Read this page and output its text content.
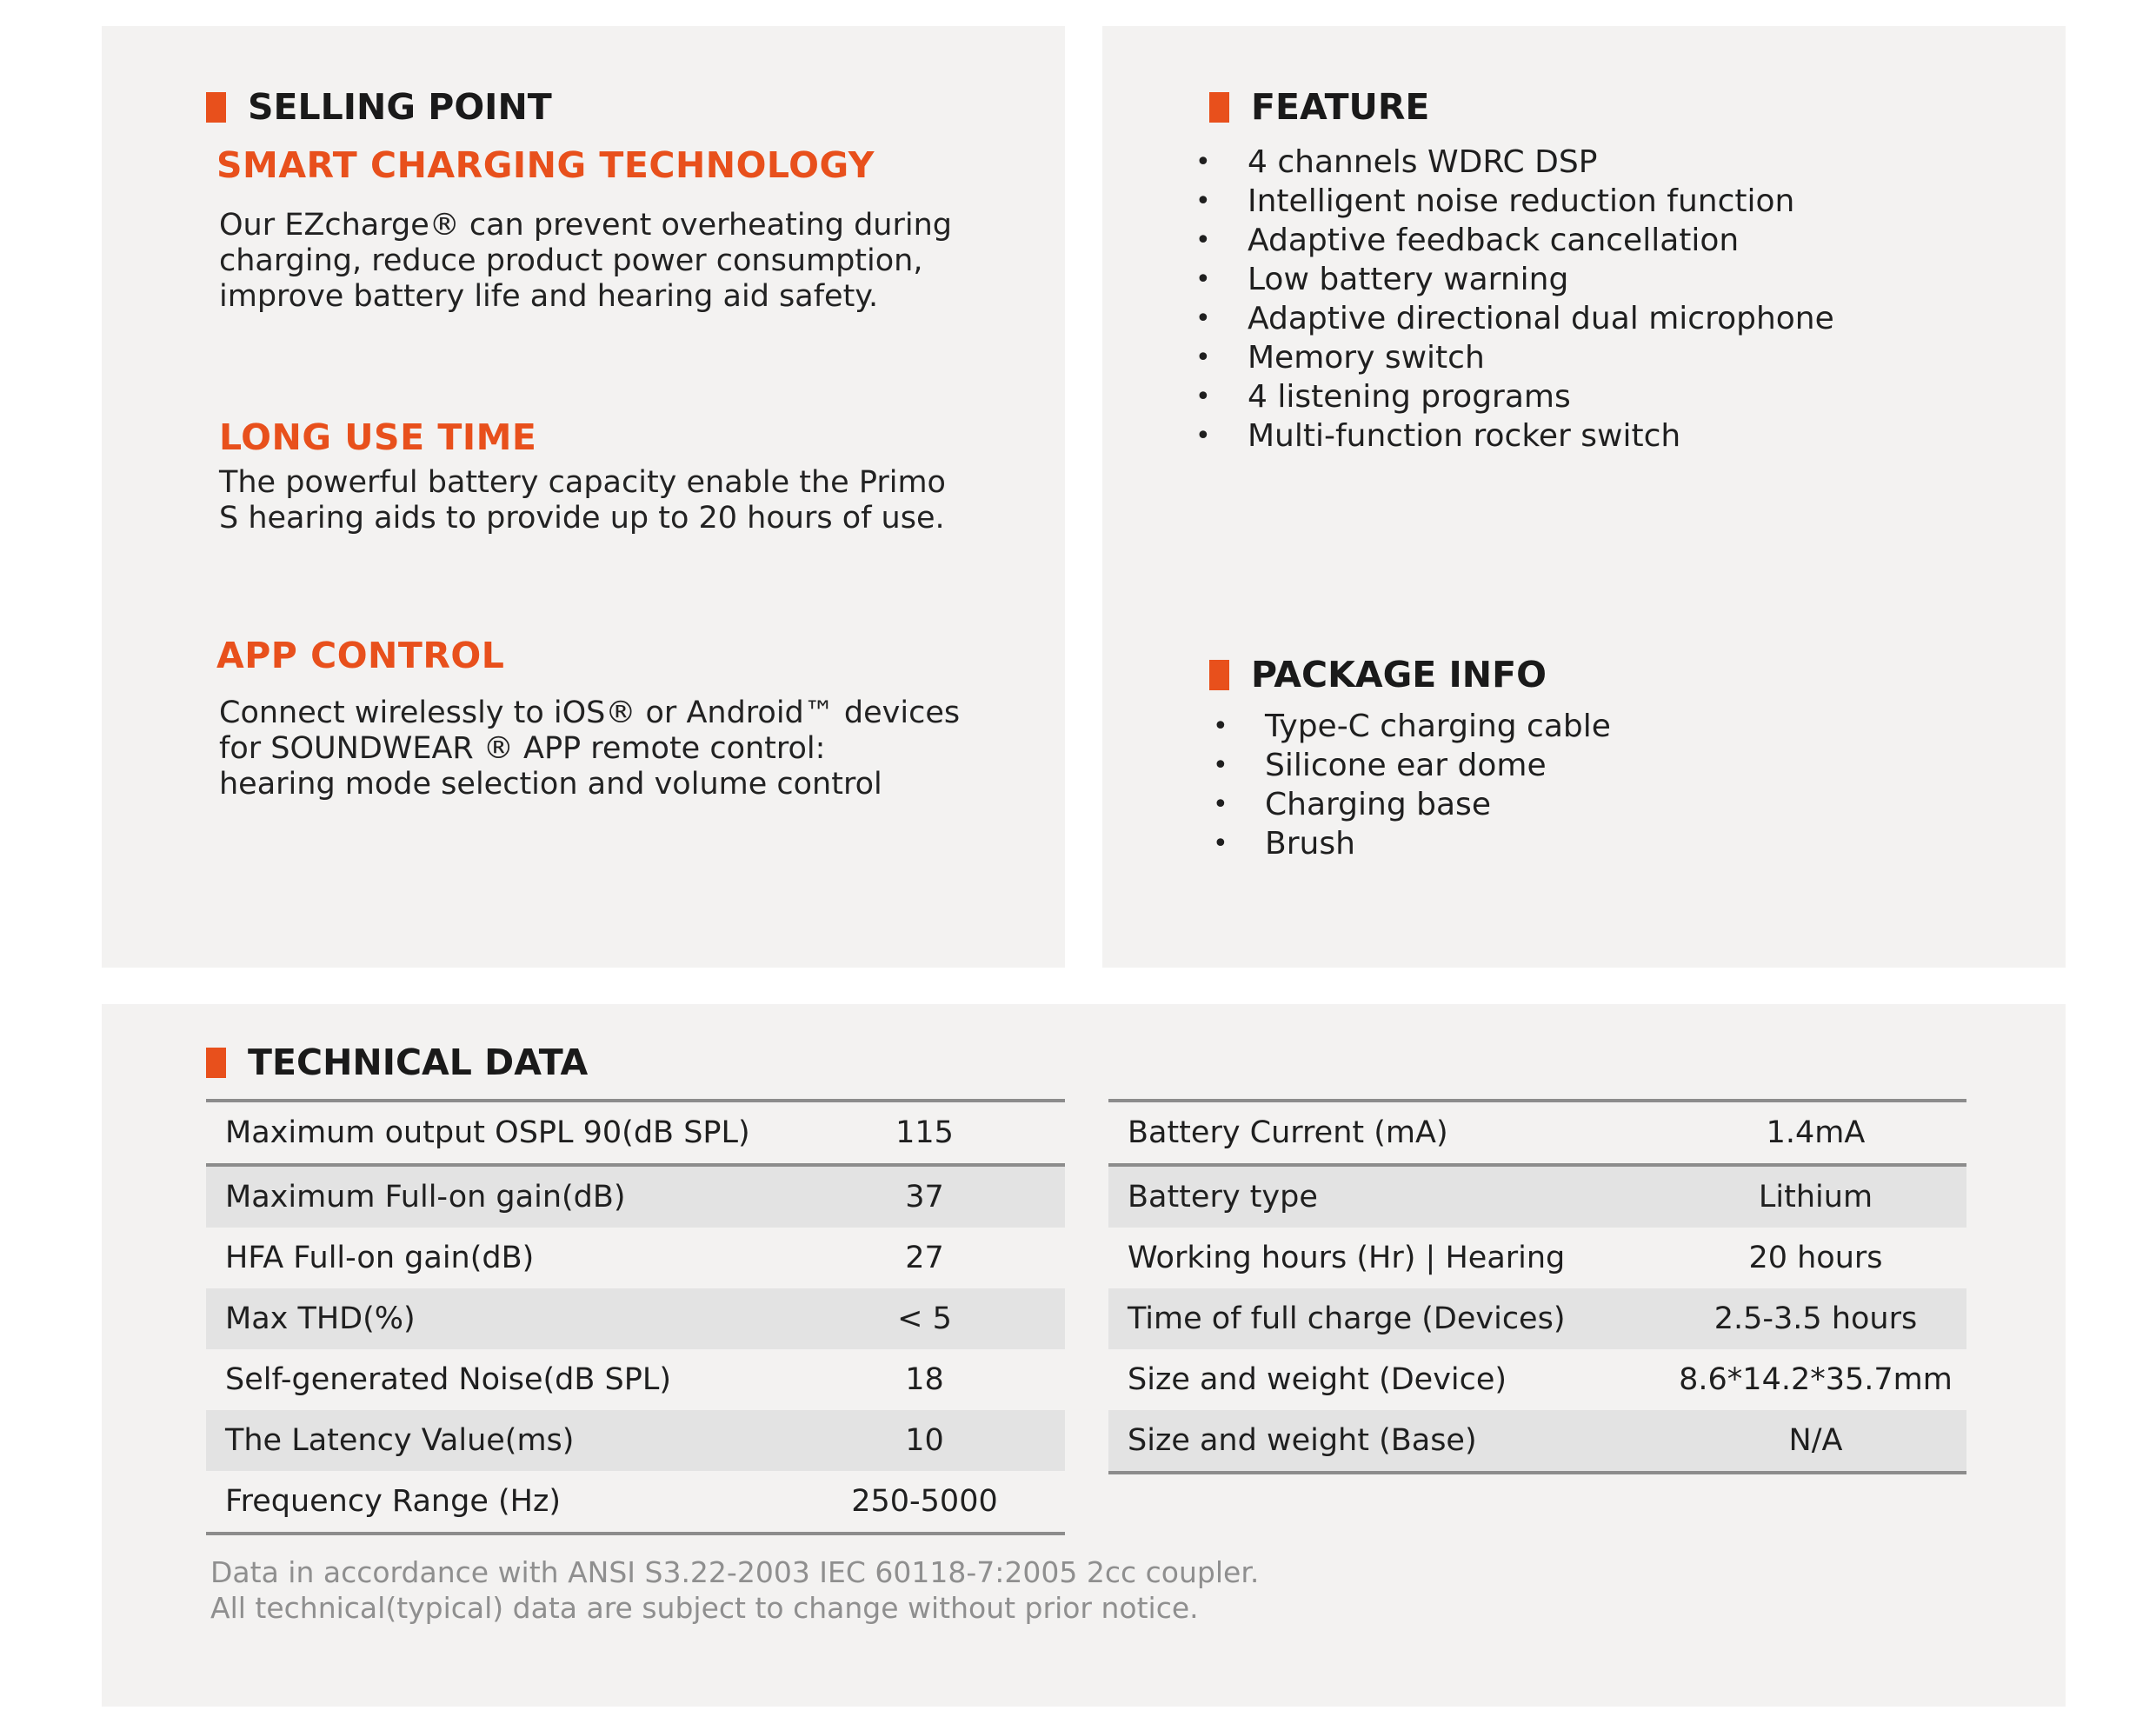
SELLING POINT
SMART CHARGING TECHNOLOGY
Our EZcharge® can prevent overheating during
charging, reduce product power consumption,
improve battery life and hearing aid safety.
LONG USE TIME
The powerful battery capacity enable the Primo
S hearing aids to provide up to 20 hours of use.
APP CONTROL
Connect wirelessly to iOS® or Android™ devices
for SOUNDWEAR ® APP remote control:
hearing mode selection and volume control
FEATURE
• 4 channels WDRC DSP
• Intelligent noise reduction function
• Adaptive feedback cancellation
• Low battery warning
• Adaptive directional dual microphone
• Memory switch
• 4 listening programs
• Multi-function rocker switch
PACKAGE INFO
• Type-C charging cable
• Silicone ear dome
• Charging base
• Brush
TECHNICAL DATA
Maximum output OSPL 90(dB SPL)	115
Maximum Full-on gain(dB)	37
HFA Full-on gain(dB)	27
Max THD(%)	< 5
Self-generated Noise(dB SPL)	18
The Latency Value(ms)	10
Frequency Range (Hz)	250-5000
Battery Current (mA)	1.4mA
Battery type	Lithium
Working hours (Hr) | Hearing	20 hours
Time of full charge (Devices)	2.5-3.5 hours
Size and weight (Device)	8.6*14.2*35.7mm
Size and weight (Base)	N/A
Data in accordance with ANSI S3.22-2003 IEC 60118-7:2005 2cc coupler.
All technical(typical) data are subject to change without prior notice.
